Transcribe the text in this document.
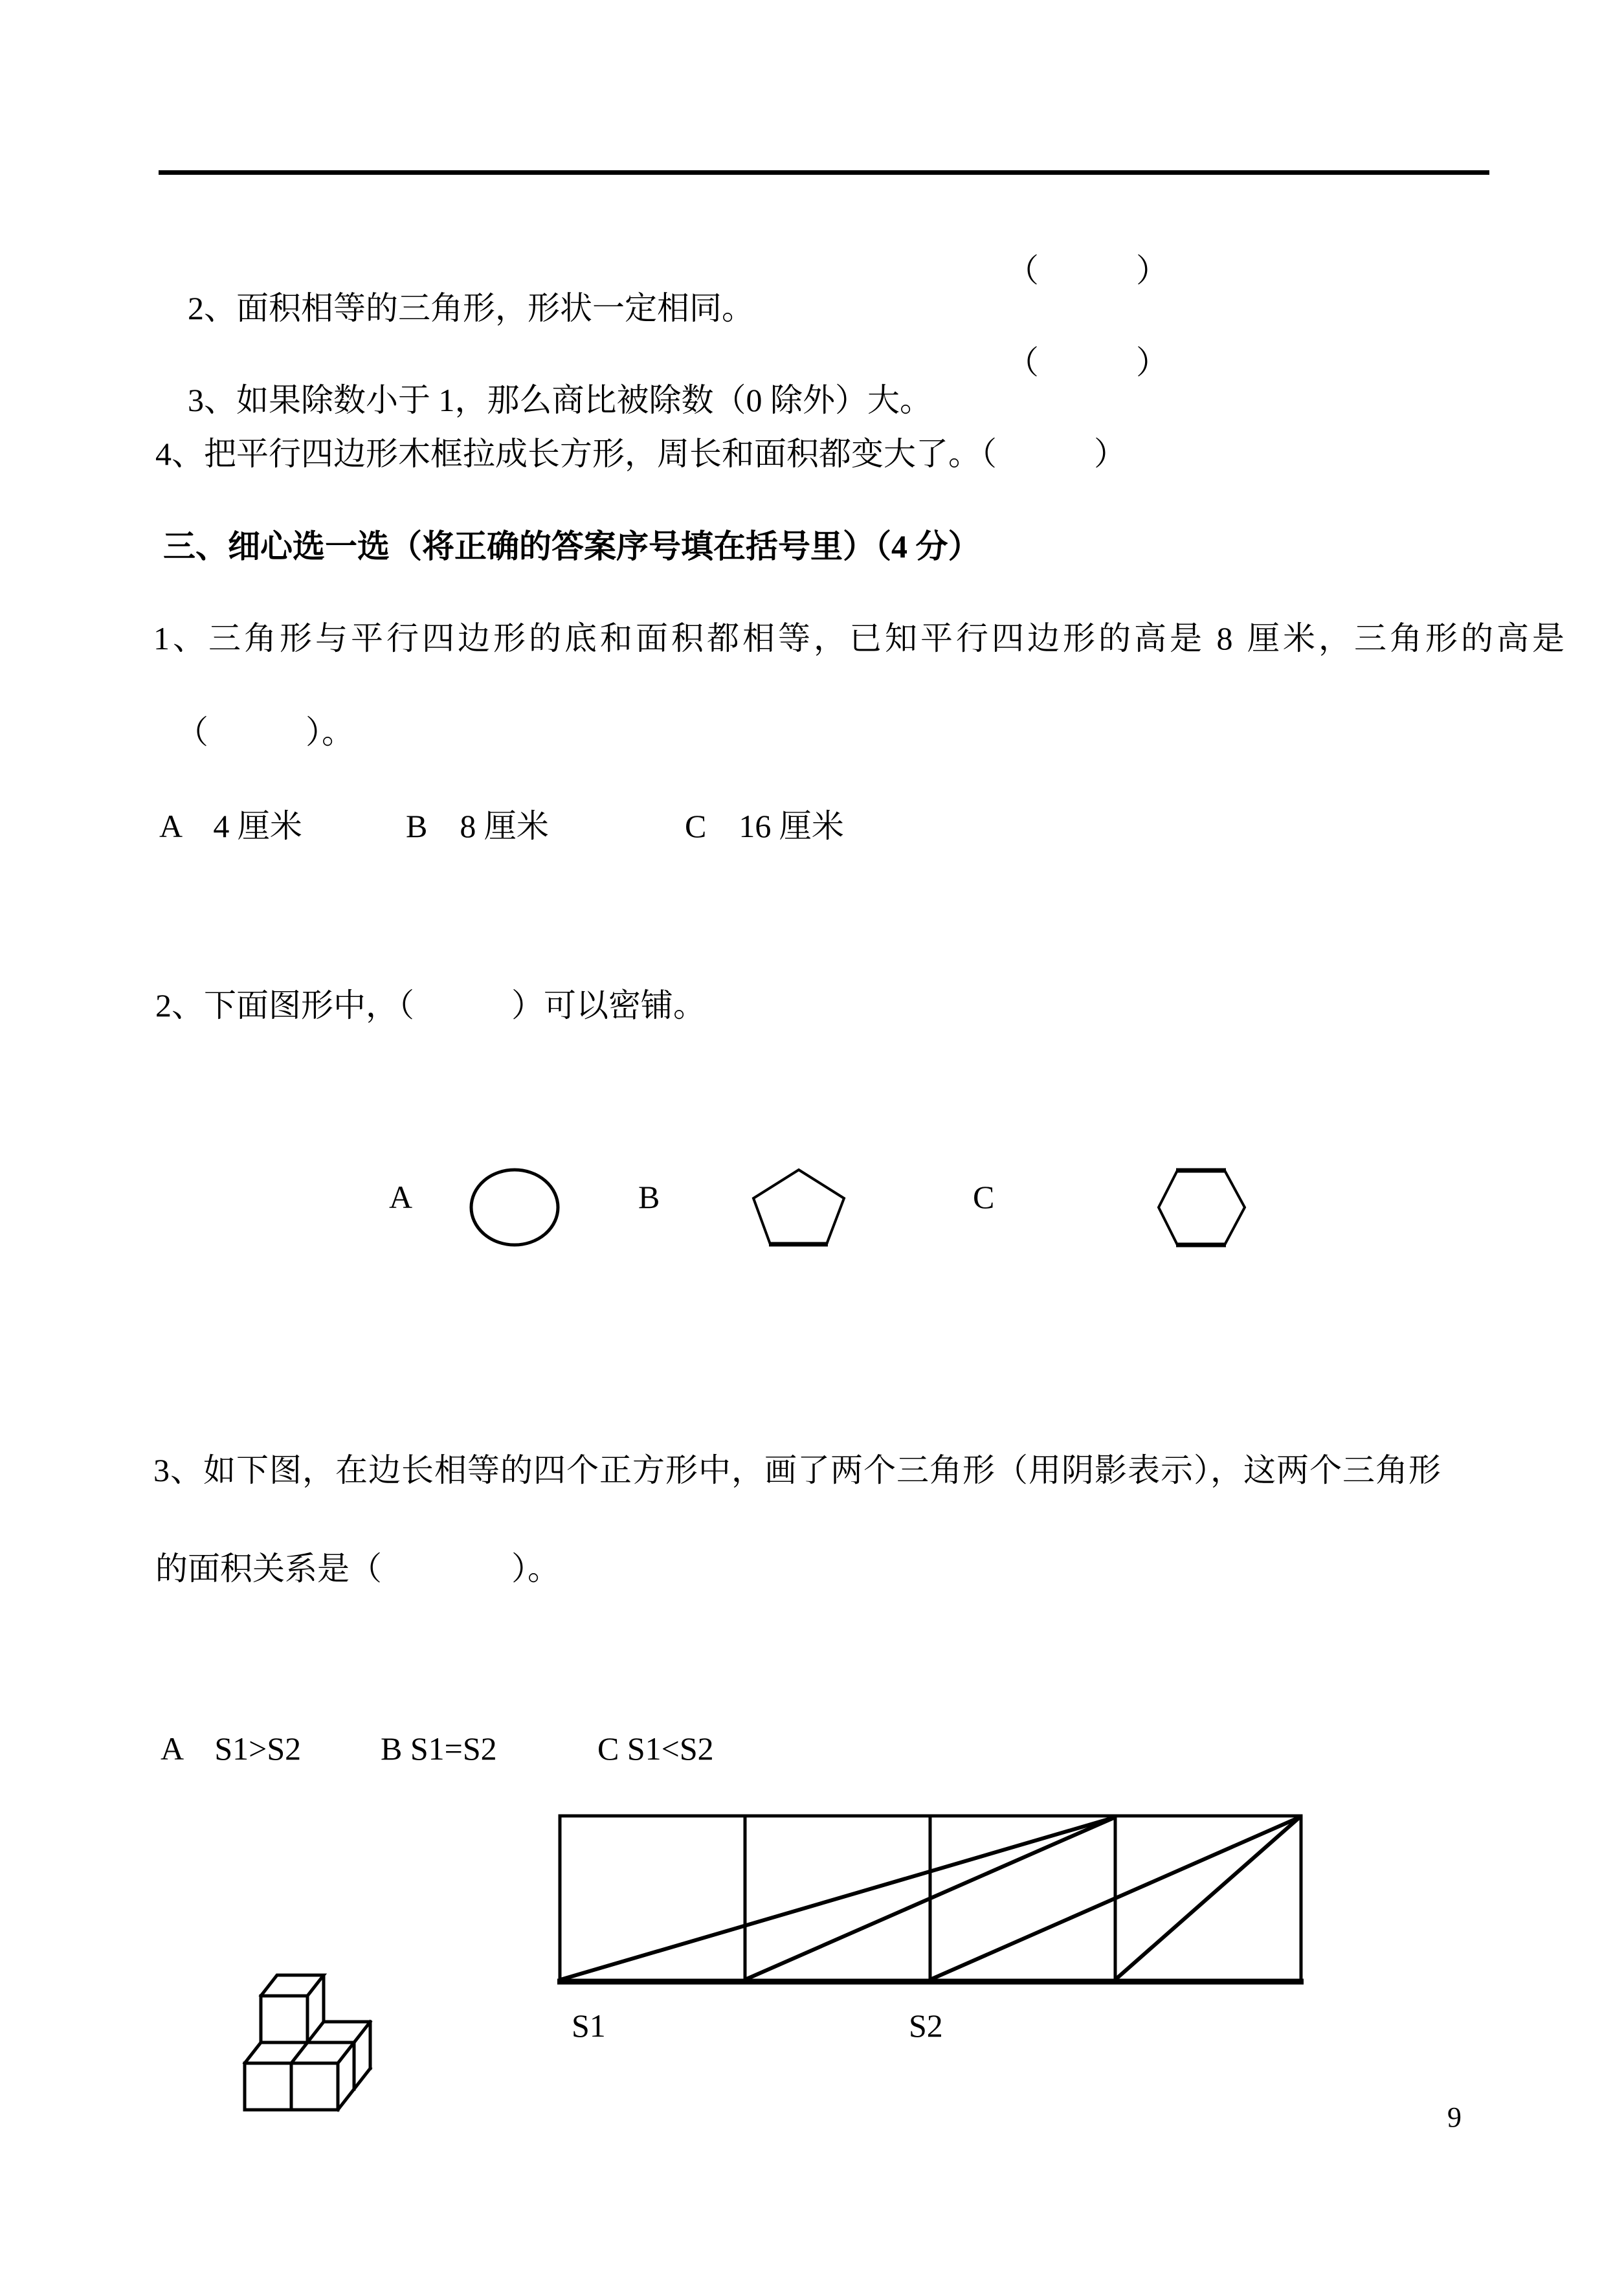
2、面积相等的三角形，形状一定相同。

（　　　）

3、如果除数小于 1，那么商比被除数（0 除外）大。

（　　　）
4、把平行四边形木框拉成长方形，周长和面积都变大了。（　　　）
三、细心选一选（将正确的答案序号填在括号里）（4 分）
1、三角形与平行四边形的底和面积都相等，已知平行四边形的高是 8 厘米，三角形的高是
（　　　）。
A　4 厘米	B　8 厘米	C　16 厘米
2、下面图形中，（　　　）可以密铺。
A	B	C
3、如下图，在边长相等的四个正方形中，画了两个三角形（用阴影表示），这两个三角形
的面积关系是（　　　　）。
A　S1>S2 B S1=S2	C S1<S2
S1	S2
9
